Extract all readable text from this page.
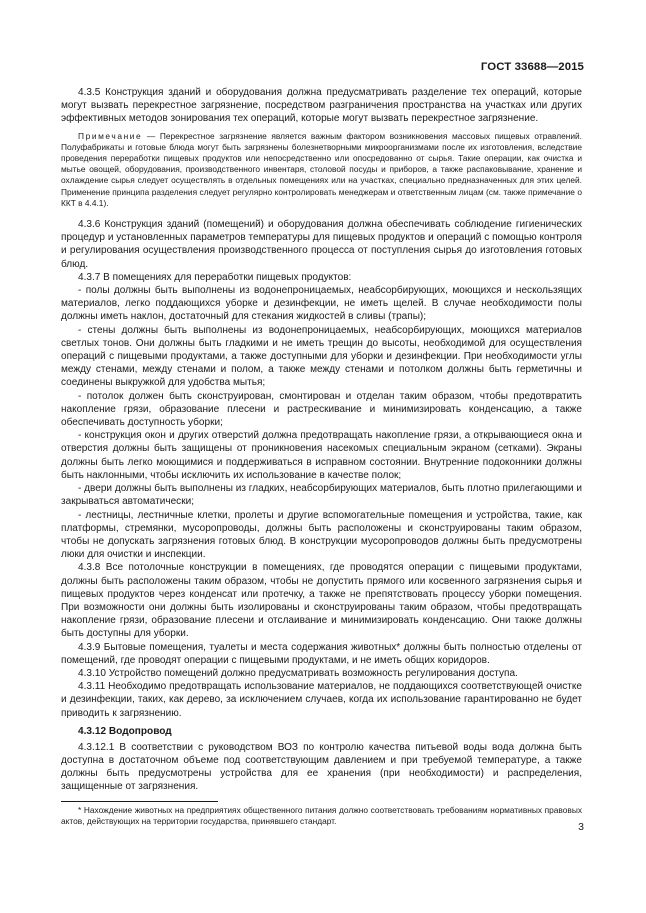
ГОСТ 33688—2015

4.3.5 Конструкция зданий и оборудования должна предусматривать разделение тех операций, которые могут вызвать перекрестное загрязнение, посредством разграничения пространства на участках или других эффективных методов зонирования тех операций, которые могут вызвать перекрестное загрязнение.

Примечание — Перекрестное загрязнение является важным фактором возникновения массовых пищевых отравлений. Полуфабрикаты и готовые блюда могут быть загрязнены болезнетворными микроорганизмами после их изготовления, вследствие проведения переработки пищевых продуктов или непосредственно или опосредованно от сырья. Такие операции, как очистка и мытье овощей, оборудования, производственного инвентаря, столовой посуды и приборов, а также распаковывание, хранение и охлаждение сырья следует осуществлять в отдельных помещениях или на участках, специально предназначенных для этих целей. Применение принципа разделения следует регулярно контролировать менеджерам и ответственным лицам (см. также примечание о ККТ в 4.4.1).

4.3.6 Конструкция зданий (помещений) и оборудования должна обеспечивать соблюдение гигиенических процедур и установленных параметров температуры для пищевых продуктов и операций с помощью контроля и регулирования осуществления производственного процесса от поступления сырья до изготовления готовых блюд.

4.3.7 В помещениях для переработки пищевых продуктов:

- полы должны быть выполнены из водонепроницаемых, неабсорбирующих, моющихся и нескользящих материалов, легко поддающихся уборке и дезинфекции, не иметь щелей. В случае необходимости полы должны иметь наклон, достаточный для стекания жидкостей в сливы (трапы);

- стены должны быть выполнены из водонепроницаемых, неабсорбирующих, моющихся материалов светлых тонов. Они должны быть гладкими и не иметь трещин до высоты, необходимой для осуществления операций с пищевыми продуктами, а также доступными для уборки и дезинфекции. При необходимости углы между стенами, между стенами и полом, а также между стенами и потолком должны быть герметичны и соединены выкружкой для удобства мытья;

- потолок должен быть сконструирован, смонтирован и отделан таким образом, чтобы предотвратить накопление грязи, образование плесени и растрескивание и минимизировать конденсацию, а также обеспечивать доступность уборки;

- конструкция окон и других отверстий должна предотвращать накопление грязи, а открывающиеся окна и отверстия должны быть защищены от проникновения насекомых специальным экраном (сетками). Экраны должны быть легко моющимися и поддерживаться в исправном состоянии. Внутренние подоконники должны быть наклонными, чтобы исключить их использование в качестве полок;

- двери должны быть выполнены из гладких, неабсорбирующих материалов, быть плотно прилегающими и закрываться автоматически;

- лестницы, лестничные клетки, пролеты и другие вспомогательные помещения и устройства, такие, как платформы, стремянки, мусоропроводы, должны быть расположены и сконструированы таким образом, чтобы не допускать загрязнения готовых блюд. В конструкции мусоропроводов должны быть предусмотрены люки для очистки и инспекции.

4.3.8 Все потолочные конструкции в помещениях, где проводятся операции с пищевыми продуктами, должны быть расположены таким образом, чтобы не допустить прямого или косвенного загрязнения сырья и пищевых продуктов через конденсат или протечку, а также не препятствовать процессу уборки помещения. При возможности они должны быть изолированы и сконструированы таким образом, чтобы предотвращать накопление грязи, образование плесени и отслаивание и минимизировать конденсацию. Они также должны быть доступны для уборки.

4.3.9 Бытовые помещения, туалеты и места содержания животных* должны быть полностью отделены от помещений, где проводят операции с пищевыми продуктами, и не иметь общих коридоров.

4.3.10 Устройство помещений должно предусматривать возможность регулирования доступа.

4.3.11 Необходимо предотвращать использование материалов, не поддающихся соответствующей очистке и дезинфекции, таких, как дерево, за исключением случаев, когда их использование гарантированно не будет приводить к загрязнению.

4.3.12 Водопровод

4.3.12.1 В соответствии с руководством ВОЗ по контролю качества питьевой воды вода должна быть доступна в достаточном объеме под соответствующим давлением и при требуемой температуре, а также должны быть предусмотрены устройства для ее хранения (при необходимости) и распределения, защищенные от загрязнения.

* Нахождение животных на предприятиях общественного питания должно соответствовать требованиям нормативных правовых актов, действующих на территории государства, принявшего стандарт.

3
